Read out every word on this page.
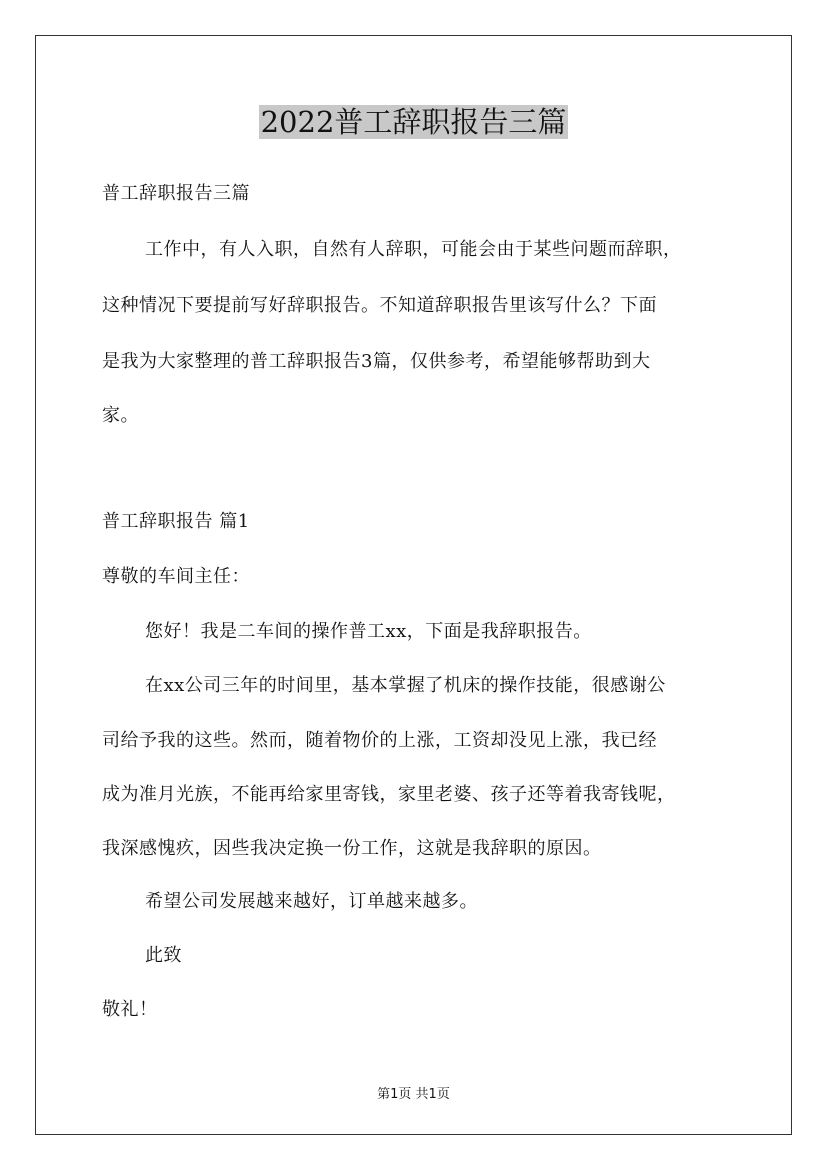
2022普工辞职报告三篇
普工辞职报告三篇
工作中，有人入职，自然有人辞职，可能会由于某些问题而辞职，
这种情况下要提前写好辞职报告。不知道辞职报告里该写什么？下面
是我为大家整理的普工辞职报告3篇，仅供参考，希望能够帮助到大
家。
普工辞职报告 篇1
尊敬的车间主任：
您好！我是二车间的操作普工xx，下面是我辞职报告。
在xx公司三年的时间里，基本掌握了机床的操作技能，很感谢公
司给予我的这些。然而，随着物价的上涨，工资却没见上涨，我已经
成为准月光族，不能再给家里寄钱，家里老婆、孩子还等着我寄钱呢，
我深感愧疚，因些我决定换一份工作，这就是我辞职的原因。
希望公司发展越来越好，订单越来越多。
此致
敬礼！
第1页 共1页
